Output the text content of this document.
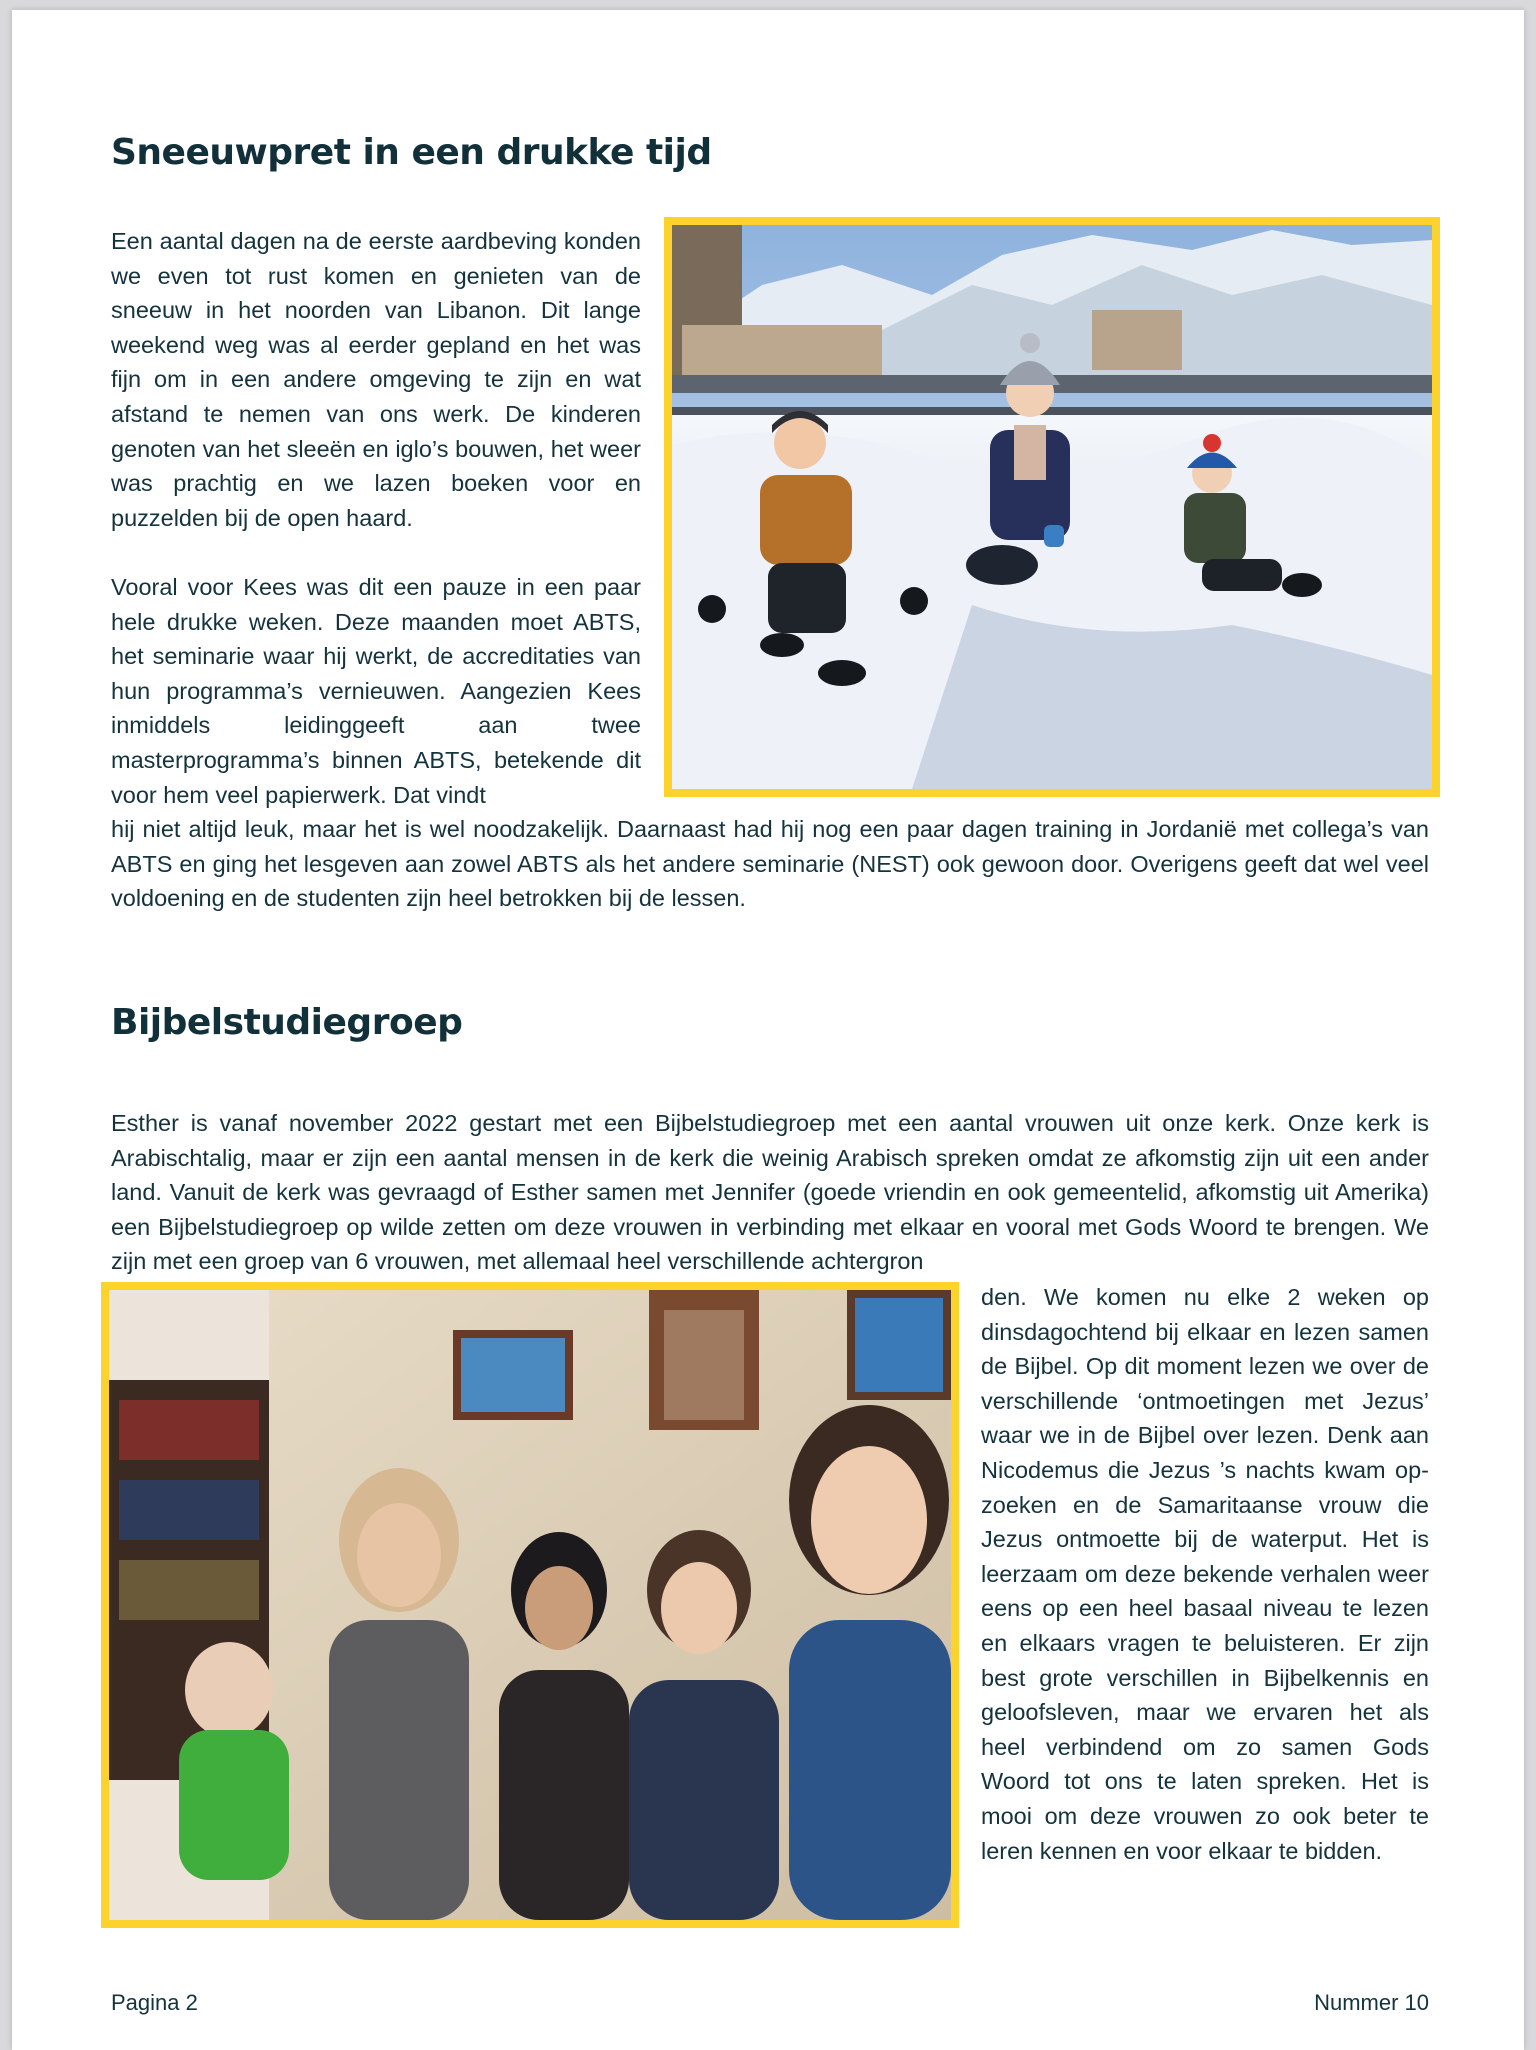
Sneeuwpret in een drukke tijd

Een aantal dagen na de eerste aardbeving konden we even tot rust komen en genieten van de sneeuw in het noorden van Libanon. Dit lange weekend weg was al eerder gepland en het was fijn om in een andere omgeving te zijn en wat afstand te nemen van ons werk. De kinderen genoten van het sleeën en iglo’s bouwen, het weer was prachtig en we lazen boeken voor en puzzelden bij de open haard.

Vooral voor Kees was dit een pauze in een paar hele drukke weken. Deze maanden moet ABTS, het seminarie waar hij werkt, de accreditaties van hun programma’s vernieuwen. Aangezien Kees inmiddels leidinggeeft aan twee masterprogramma’s binnen ABTS, betekende dit voor hem veel papierwerk. Dat vindt

hij niet altijd leuk, maar het is wel noodzakelijk. Daarnaast had hij nog een paar dagen training in Jordanië met collega’s van ABTS en ging het lesgeven aan zowel ABTS als het andere seminarie (NEST) ook gewoon door. Overigens geeft dat wel veel voldoening en de studenten zijn heel betrokken bij de lessen.

Bijbelstudiegroep

Esther is vanaf november 2022 gestart met een Bijbelstudiegroep met een aantal vrouwen uit onze kerk. Onze kerk is Arabischtalig, maar er zijn een aantal mensen in de kerk die weinig Arabisch spreken omdat ze afkomstig zijn uit een ander land. Vanuit de kerk was gevraagd of Esther samen met Jennifer (goede vriendin en ook gemeentelid, afkomstig uit Amerika) een Bijbelstudiegroep op wilde zetten om deze vrouwen in verbinding met elkaar en vooral met Gods Woord te brengen. We zijn met een groep van 6 vrouwen, met allemaal heel verschillende achtergron

den. We komen nu elke 2 weken op dinsdagochtend bij elkaar en lezen samen de Bijbel. Op dit moment lezen we over de verschillende ‘ontmoetingen met Jezus’ waar we in de Bijbel over lezen. Denk aan Nicodemus die Jezus ’s nachts kwam opzoeken en de Samaritaanse vrouw die Jezus ontmoette bij de waterput. Het is leerzaam om deze bekende verhalen weer eens op een heel basaal niveau te lezen en elkaars vragen te beluisteren. Er zijn best grote verschillen in Bijbelkennis en geloofsleven, maar we ervaren het als heel verbindend om zo samen Gods Woord tot ons te laten spreken. Het is mooi om deze vrouwen zo ook beter te leren kennen en voor elkaar te bidden.

Pagina 2	Nummer 10
